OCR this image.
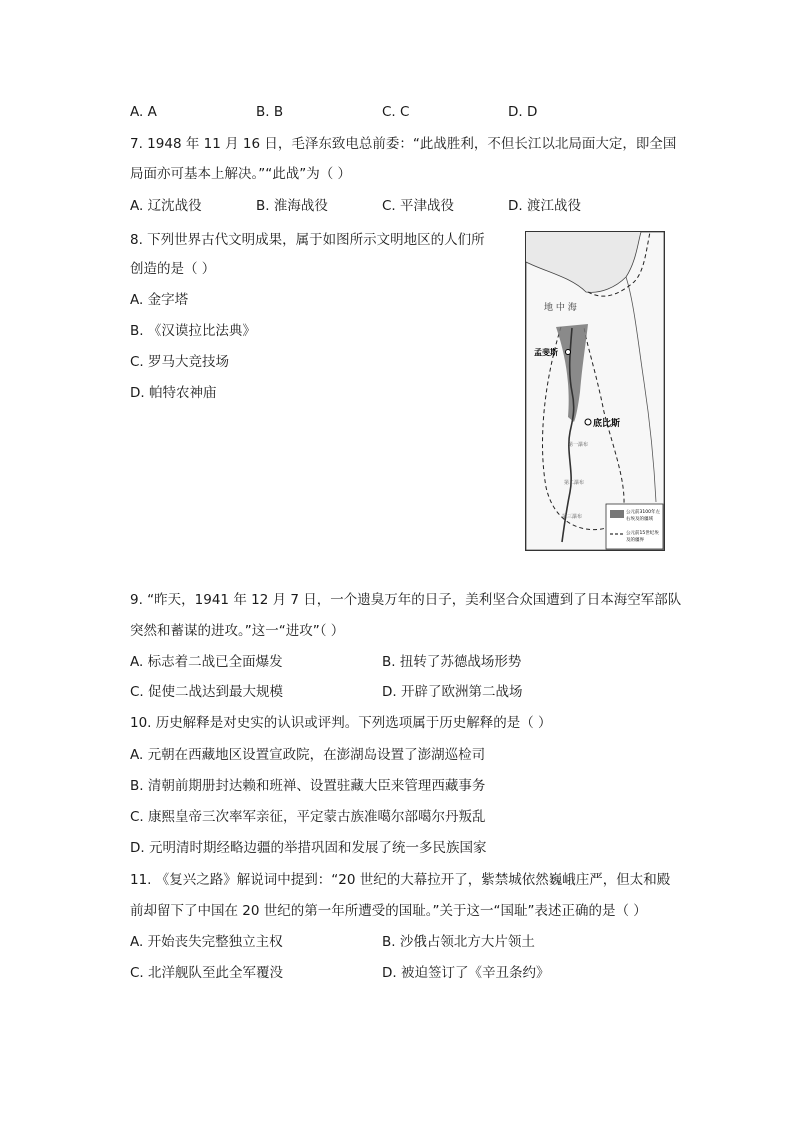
A. A	B. B	C. C	D. D
7. 1948 年 11 月 16 日，毛泽东致电总前委：“此战胜利，不但长江以北局面大定，即全国
局面亦可基本上解决。”“此战”为（ ）
A. 辽沈战役	B. 淮海战役	C. 平津战役	D. 渡江战役
8. 下列世界古代文明成果，属于如图所示文明地区的人们所
创造的是（ ）
A. 金字塔
B. 《汉谟拉比法典》
C. 罗马大竞技场
D. 帕特农神庙
地 中 海
孟斐斯
底比斯
第一瀑布
第二瀑布
第三瀑布
公元前3100年左
右埃及的疆域
公元前15世纪埃
及的疆界
9. “昨天，1941 年 12 月 7 日，一个遗臭万年的日子，美利坚合众国遭到了日本海空军部队
突然和蓄谋的进攻。”这一“进攻”（ ）
A. 标志着二战已全面爆发	B. 扭转了苏德战场形势
C. 促使二战达到最大规模	D. 开辟了欧洲第二战场
10. 历史解释是对史实的认识或评判。下列选项属于历史解释的是（ ）
A. 元朝在西藏地区设置宣政院，在澎湖岛设置了澎湖巡检司
B. 清朝前期册封达赖和班禅、设置驻藏大臣来管理西藏事务
C. 康熙皇帝三次率军亲征，平定蒙古族准噶尔部噶尔丹叛乱
D. 元明清时期经略边疆的举措巩固和发展了统一多民族国家
11. 《复兴之路》解说词中提到：“20 世纪的大幕拉开了，紫禁城依然巍峨庄严，但太和殿
前却留下了中国在 20 世纪的第一年所遭受的国耻。”关于这一“国耻”表述正确的是（ ）
A. 开始丧失完整独立主权	B. 沙俄占领北方大片领土
C. 北洋舰队至此全军覆没	D. 被迫签订了《辛丑条约》
